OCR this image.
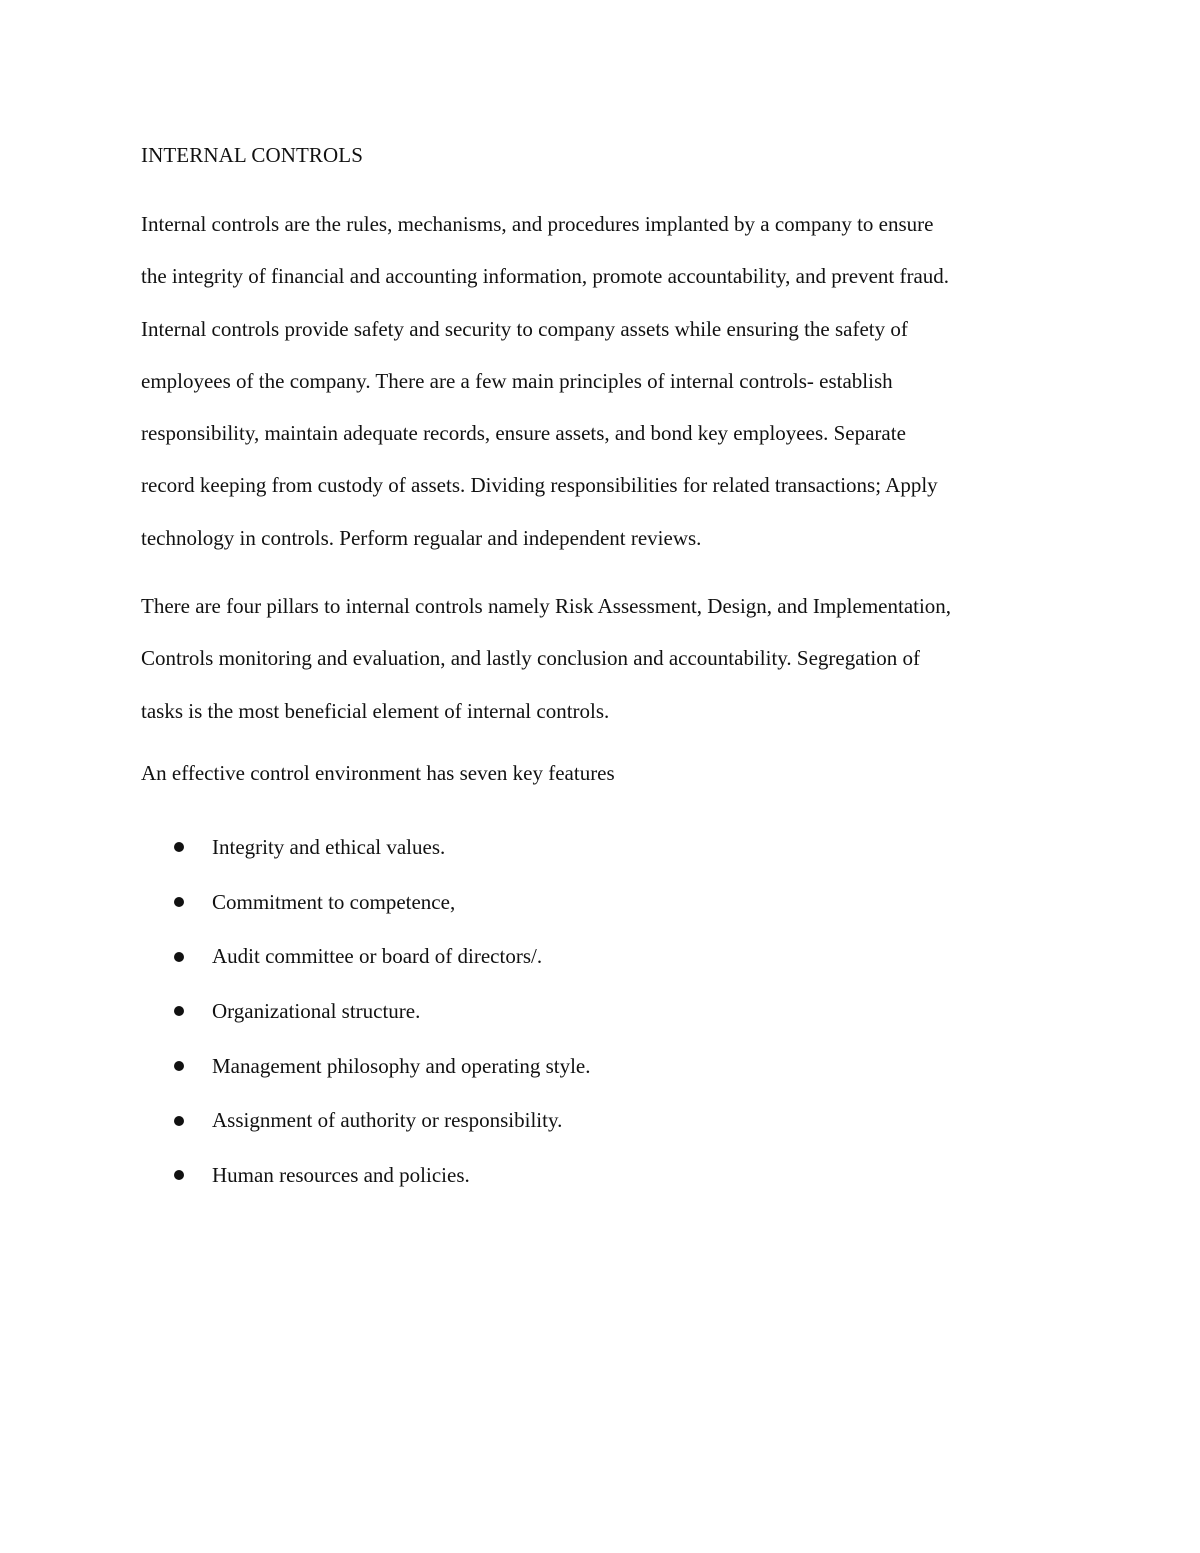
INTERNAL CONTROLS

Internal controls are the rules, mechanisms, and procedures implanted by a company to ensure
the integrity of financial and accounting information, promote accountability, and prevent fraud.
Internal controls provide safety and security to company assets while ensuring the safety of
employees of the company. There are a few main principles of internal controls- establish
responsibility, maintain adequate records, ensure assets, and bond key employees. Separate
record keeping from custody of assets. Dividing responsibilities for related transactions; Apply
technology in controls. Perform regualar and independent reviews.

There are four pillars to internal controls namely Risk Assessment, Design, and Implementation,
Controls monitoring and evaluation, and lastly conclusion and accountability. Segregation of
tasks is the most beneficial element of internal controls.

An effective control environment has seven key features

Integrity and ethical values.
Commitment to competence,
Audit committee or board of directors/.
Organizational structure.
Management philosophy and operating style.
Assignment of authority or responsibility.
Human resources and policies.
